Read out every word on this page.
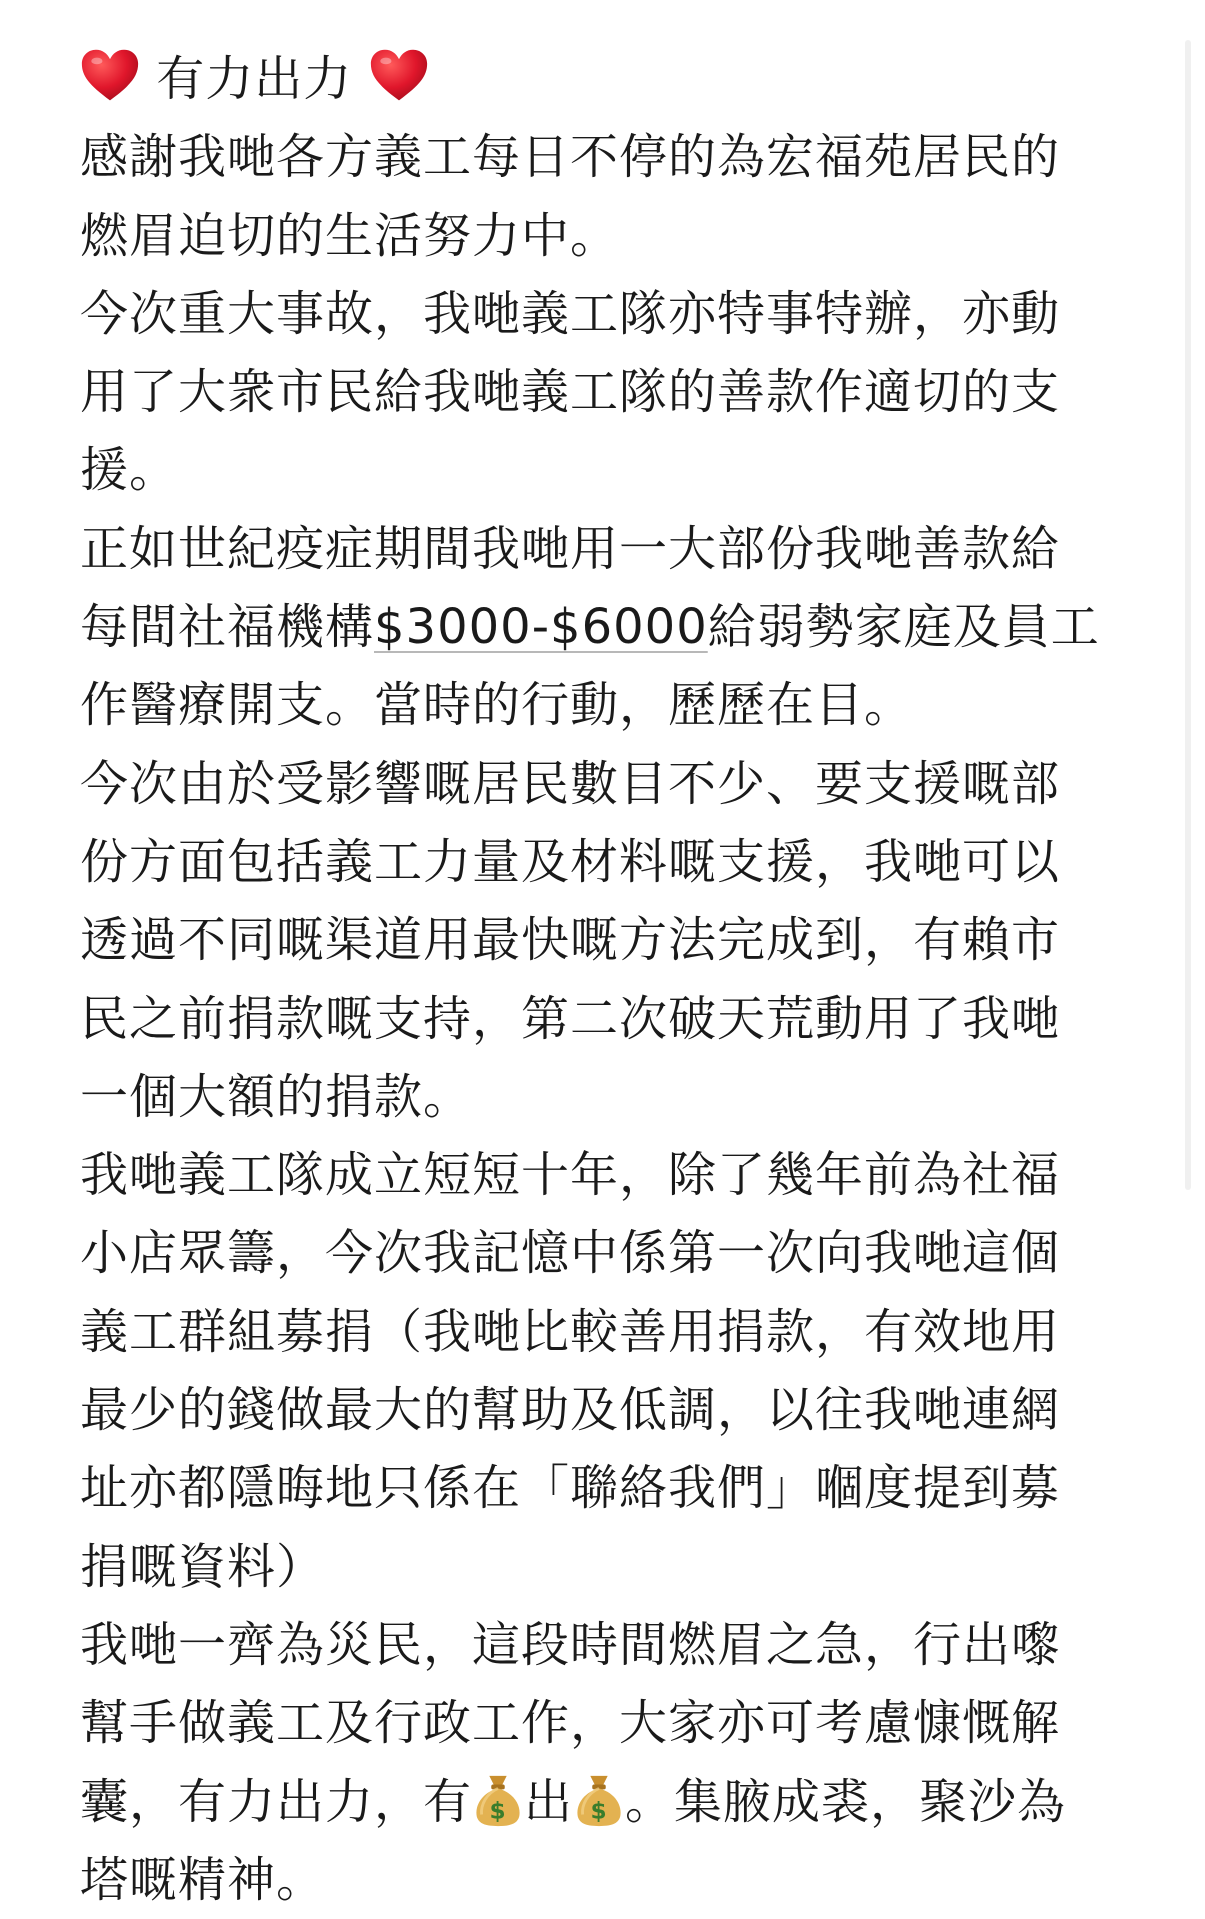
有力出力
感謝我哋各方義工每日不停的為宏福苑居民的
燃眉迫切的生活努力中。
今次重大事故，我哋義工隊亦特事特辦，亦動
用了大衆市民給我哋義工隊的善款作適切的支
援。
正如世紀疫症期間我哋用一大部份我哋善款給
每間社福機構$3000-$6000給弱勢家庭及員工
作醫療開支。當時的行動，歷歷在目。
今次由於受影響嘅居民數目不少、要支援嘅部
份方面包括義工力量及材料嘅支援，我哋可以
透過不同嘅渠道用最快嘅方法完成到，有賴市
民之前捐款嘅支持，第二次破天荒動用了我哋
一個大額的捐款。
我哋義工隊成立短短十年，除了幾年前為社福
小店眾籌，今次我記憶中係第一次向我哋這個
義工群組募捐（我哋比較善用捐款，有效地用
最少的錢做最大的幫助及低調，以往我哋連網
址亦都隱晦地只係在「聯絡我們」嗰度提到募
捐嘅資料）
我哋一齊為災民，這段時間燃眉之急，行出嚟
幫手做義工及行政工作，大家亦可考慮慷慨解
囊，有力出力，有 $ 出 $ 。集腋成裘，聚沙為
塔嘅精神。
